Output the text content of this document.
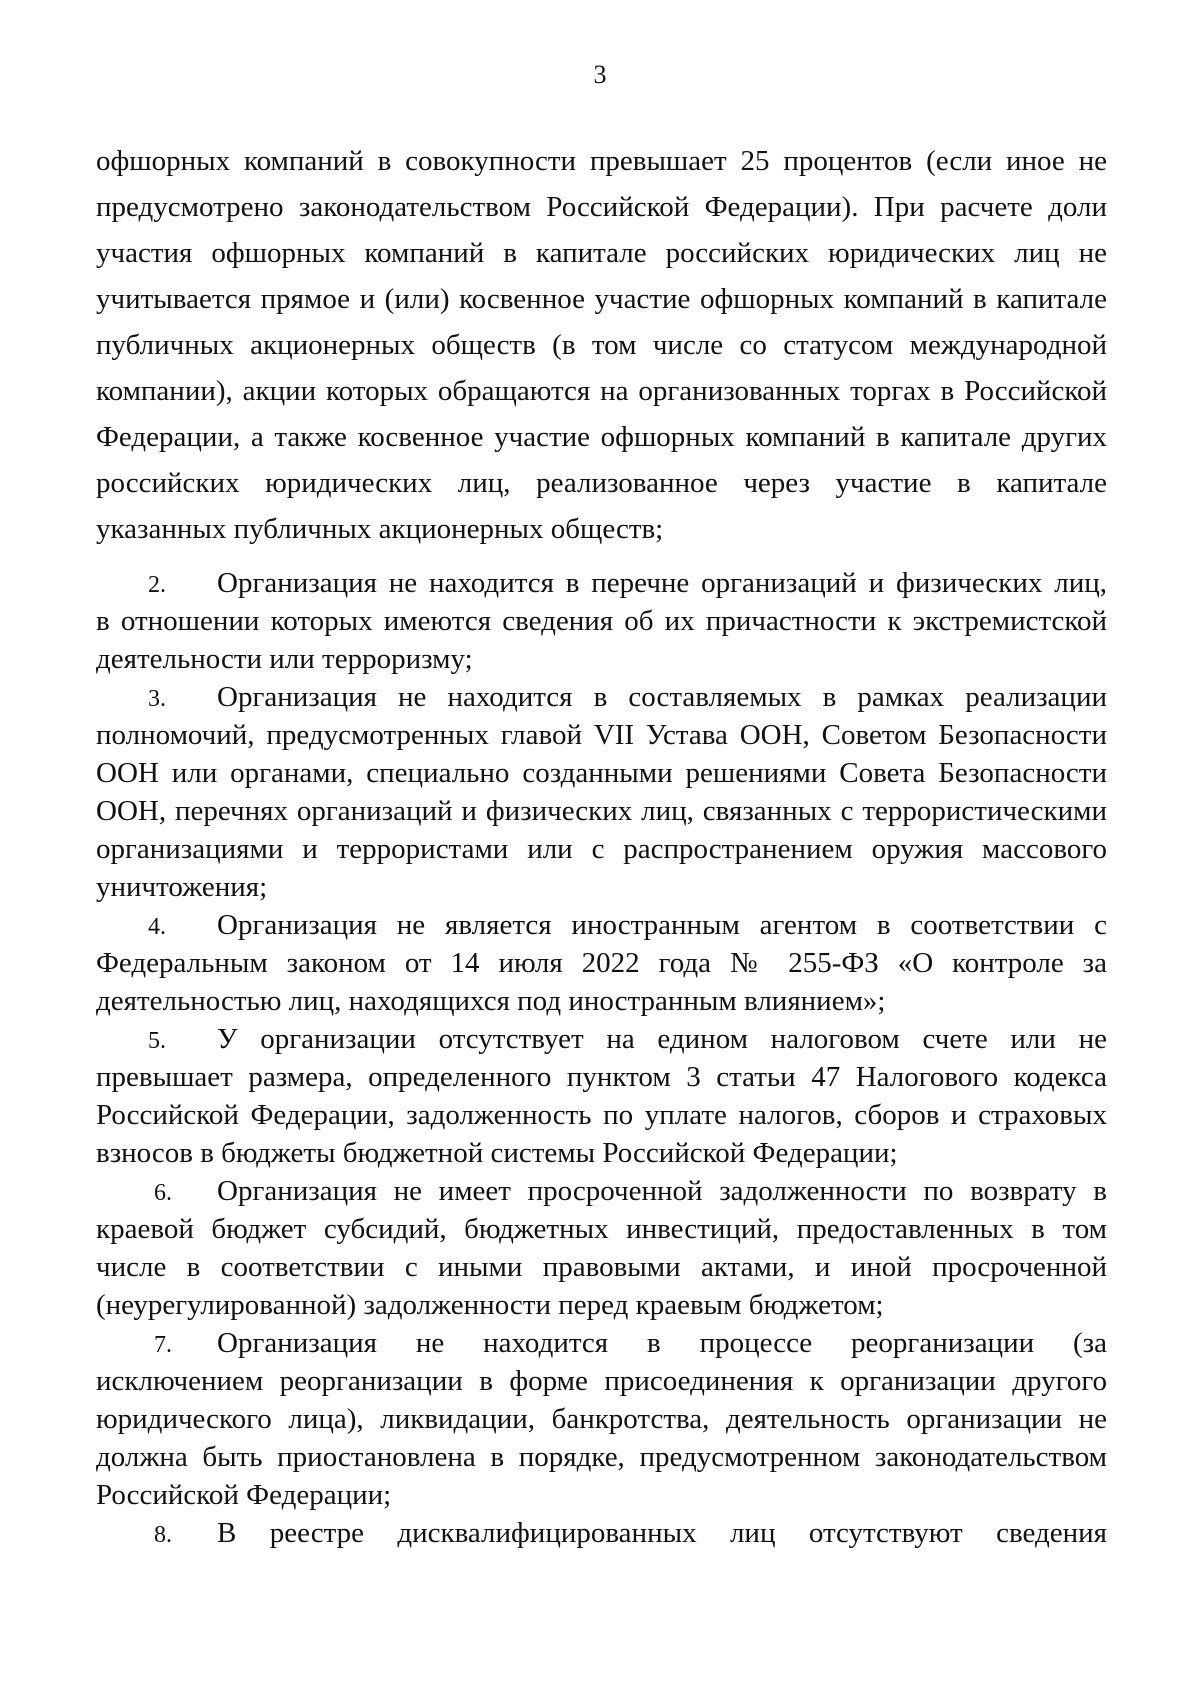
3
офшорных компаний в совокупности превышает 25 процентов (если иное не
предусмотрено законодательством Российской Федерации). При расчете доли
участия офшорных компаний в капитале российских юридических лиц не
учитывается прямое и (или) косвенное участие офшорных компаний в капитале
публичных акционерных обществ (в том числе со статусом международной
компании), акции которых обращаются на организованных торгах в Российской
Федерации, а также косвенное участие офшорных компаний в капитале других
российских юридических лиц, реализованное через участие в капитале
указанных публичных акционерных обществ;
2.	Организация не находится в перечне организаций и физических лиц,
в отношении которых имеются сведения об их причастности к экстремистской
деятельности или терроризму;
3.	Организация не находится в составляемых в рамках реализации
полномочий, предусмотренных главой VII Устава ООН, Советом Безопасности
ООН или органами, специально созданными решениями Совета Безопасности
ООН, перечнях организаций и физических лиц, связанных с террористическими
организациями и террористами или с распространением оружия массового
уничтожения;
4.	Организация не является иностранным агентом в соответствии с
Федеральным законом от 14 июля 2022 года № 255-ФЗ «О контроле за
деятельностью лиц, находящихся под иностранным влиянием»;
5.	У организации отсутствует на едином налоговом счете или не
превышает размера, определенного пунктом 3 статьи 47 Налогового кодекса
Российской Федерации, задолженность по уплате налогов, сборов и страховых
взносов в бюджеты бюджетной системы Российской Федерации;
6.	Организация не имеет просроченной задолженности по возврату в
краевой бюджет субсидий, бюджетных инвестиций, предоставленных в том
числе в соответствии с иными правовыми актами, и иной просроченной
(неурегулированной) задолженности перед краевым бюджетом;
7.	Организация не находится в процессе реорганизации (за
исключением реорганизации в форме присоединения к организации другого
юридического лица), ликвидации, банкротства, деятельность организации не
должна быть приостановлена в порядке, предусмотренном законодательством
Российской Федерации;
8.	В реестре дисквалифицированных лиц отсутствуют сведения
